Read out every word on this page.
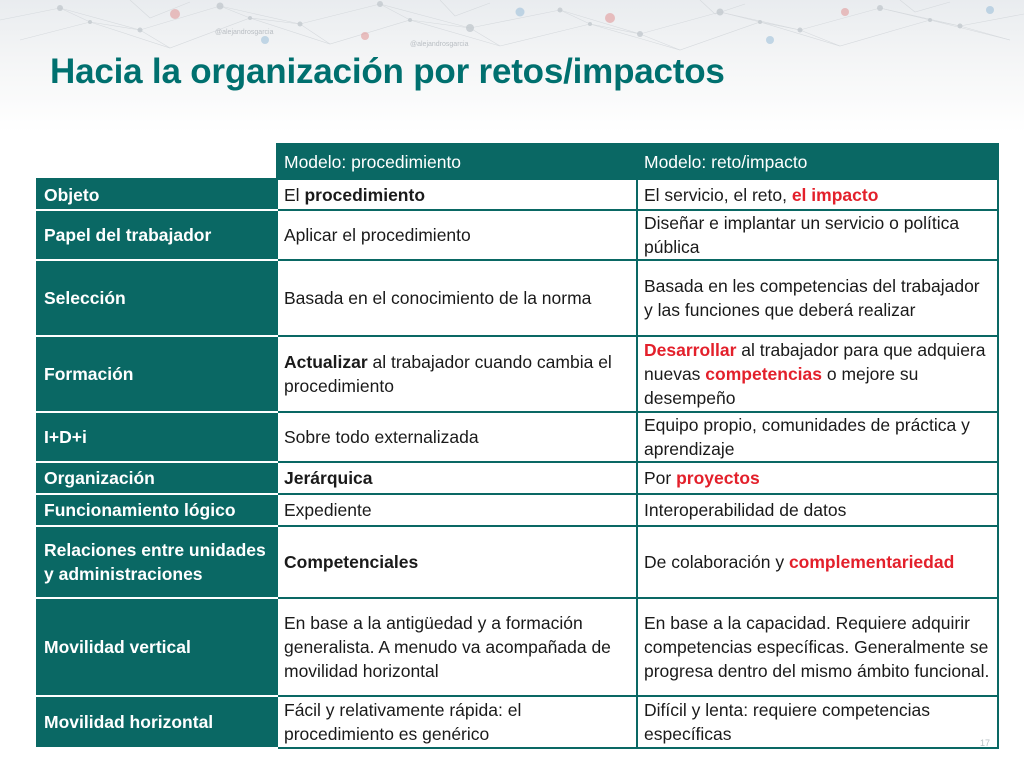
@alejandrosgarcia
@alejandrosgarcia
Hacia la organización por retos/impactos
	Modelo: procedimiento	Modelo: reto/impacto
Objeto	El procedimiento	El servicio, el reto, el impacto
Papel del trabajador	Aplicar el procedimiento	Diseñar e implantar un servicio o política pública
Selección	Basada en el conocimiento de la norma	Basada en les competencias del trabajador y las funciones que deberá realizar
Formación	Actualizar al trabajador cuando cambia el procedimiento	Desarrollar al trabajador para que adquiera nuevas competencias o mejore su desempeño
I+D+i	Sobre todo externalizada	Equipo propio, comunidades de práctica y aprendizaje
Organización	Jerárquica	Por proyectos
Funcionamiento lógico	Expediente	Interoperabilidad de datos
Relaciones entre unidades y administraciones	Competenciales	De colaboración y complementariedad
Movilidad vertical	En base a la antigüedad y a formación generalista. A menudo va acompañada de movilidad horizontal	En base a la capacidad. Requiere adquirir competencias específicas. Generalmente se progresa dentro del mismo ámbito funcional.
Movilidad horizontal	Fácil y relativamente rápida: el procedimiento es genérico	Difícil y lenta: requiere competencias específicas	17
